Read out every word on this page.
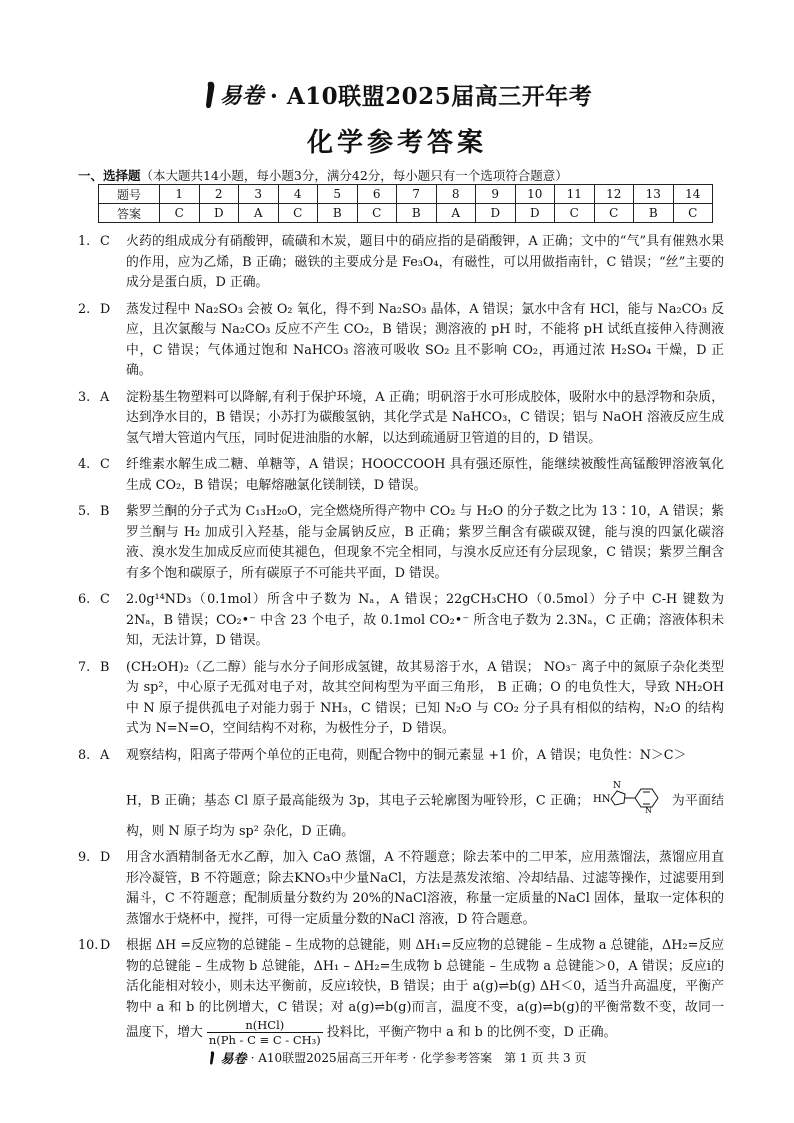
易卷 · A10联盟2025届高三开年考
化学参考答案
一、选择题（本大题共14小题，每小题3分，满分42分，每小题只有一个选项符合题意）
题号	1	2	3	4	5	6	7	8	9	10	11	12	13	14
答案	C	D	A	C	B	C	B	A	D	D	C	C	B	C
1. C	火药的组成成分有硝酸钾，硫磺和木炭，题目中的硝应指的是硝酸钾，A 正确；文中的“气”具有催熟水果的作用，应为乙烯，B 正确；磁铁的主要成分是 Fe₃O₄，有磁性，可以用做指南针，C 错误；“丝”主要的成分是蛋白质，D 正确。
2. D	蒸发过程中 Na₂SO₃ 会被 O₂ 氧化，得不到 Na₂SO₃ 晶体，A 错误；氯水中含有 HCl，能与 Na₂CO₃ 反应，且次氯酸与 Na₂CO₃ 反应不产生 CO₂，B 错误；测溶液的 pH 时，不能将 pH 试纸直接伸入待测液中，C 错误；气体通过饱和 NaHCO₃ 溶液可吸收 SO₂ 且不影响 CO₂，再通过浓 H₂SO₄ 干燥，D 正确。
3. A	淀粉基生物塑料可以降解,有利于保护环境，A 正确；明矾溶于水可形成胶体，吸附水中的悬浮物和杂质，达到净水目的，B 错误；小苏打为碳酸氢钠，其化学式是 NaHCO₃，C 错误；铝与 NaOH 溶液反应生成氢气增大管道内气压，同时促进油脂的水解，以达到疏通厨卫管道的目的，D 错误。
4. C	纤维素水解生成二糖、单糖等，A 错误；HOOCCOOH 具有强还原性，能继续被酸性高锰酸钾溶液氧化生成 CO₂，B 错误；电解熔融氯化镁制镁，D 错误。
5. B	紫罗兰酮的分子式为 C₁₃H₂₀O，完全燃烧所得产物中 CO₂ 与 H₂O 的分子数之比为 13∶10，A 错误；紫罗兰酮与 H₂ 加成引入羟基，能与金属钠反应，B 正确；紫罗兰酮含有碳碳双键，能与溴的四氯化碳溶液、溴水发生加成反应而使其褪色，但现象不完全相同，与溴水反应还有分层现象，C 错误；紫罗兰酮含有多个饱和碳原子，所有碳原子不可能共平面，D 错误。
6. C	2.0g¹⁴ND₃（0.1mol）所含中子数为 Nₐ，A 错误；22gCH₃CHO（0.5mol）分子中 C-H 键数为 2Nₐ，B 错误；CO₂•⁻ 中含 23 个电子，故 0.1mol CO₂•⁻ 所含电子数为 2.3Nₐ，C 正确；溶液体积未知，无法计算，D 错误。
7. B	(CH₂OH)₂（乙二醇）能与水分子间形成氢键，故其易溶于水，A 错误； NO₃⁻ 离子中的氮原子杂化类型为 sp²，中心原子无孤对电子对，故其空间构型为平面三角形， B 正确；O 的电负性大，导致 NH₂OH 中 N 原子提供孤电子对能力弱于 NH₃，C 错误；已知 N₂O 与 CO₂ 分子具有相似的结构，N₂O 的结构式为 N=N=O，空间结构不对称，为极性分子，D 错误。
8. A	观察结构，阳离子带两个单位的正电荷，则配合物中的铜元素显 +1 价，A 错误；电负性：N＞C＞
H，B 正确；基态 Cl 原子最高能级为 3p，其电子云轮廓图为哑铃形，C 正确； HN
N
N
为平面结构，则 N 原子均为 sp² 杂化，D 正确。
9. D	用含水酒精制备无水乙醇，加入 CaO 蒸馏，A 不符题意；除去苯中的二甲苯，应用蒸馏法，蒸馏应用直形冷凝管，B 不符题意；除去KNO₃中少量NaCl，方法是蒸发浓缩、冷却结晶、过滤等操作，过滤要用到漏斗，C 不符题意；配制质量分数约为 20%的NaCl溶液，称量一定质量的NaCl 固体，量取一定体积的蒸馏水于烧杯中，搅拌，可得一定质量分数的NaCl 溶液，D 符合题意。
10. D	根据 ΔH =反应物的总键能 – 生成物的总键能，则 ΔH₁=反应物的总键能 – 生成物 a 总键能，ΔH₂=反应物的总键能 – 生成物 b 总键能，ΔH₁ – ΔH₂=生成物 b 总键能 – 生成物 a 总键能＞0，A 错误；反应i的活化能相对较小，则未达平衡前，反应i较快，B 错误；由于 a(g)⇌b(g) ΔH＜0，适当升高温度，平衡产物中 a 和 b 的比例增大，C 错误；对 a(g)⇌b(g)而言，温度不变，a(g)⇌b(g)的平衡常数不变，故同一温度下，增大 $\frac{\text{n(HCl)}}{\text{n(Ph - C ≡ C - CH₃)}}$ 投料比，平衡产物中 a 和 b 的比例不变，D 正确。
易卷 · A10联盟2025届高三开年考 · 化学参考答案　第 1 页 共 3 页
